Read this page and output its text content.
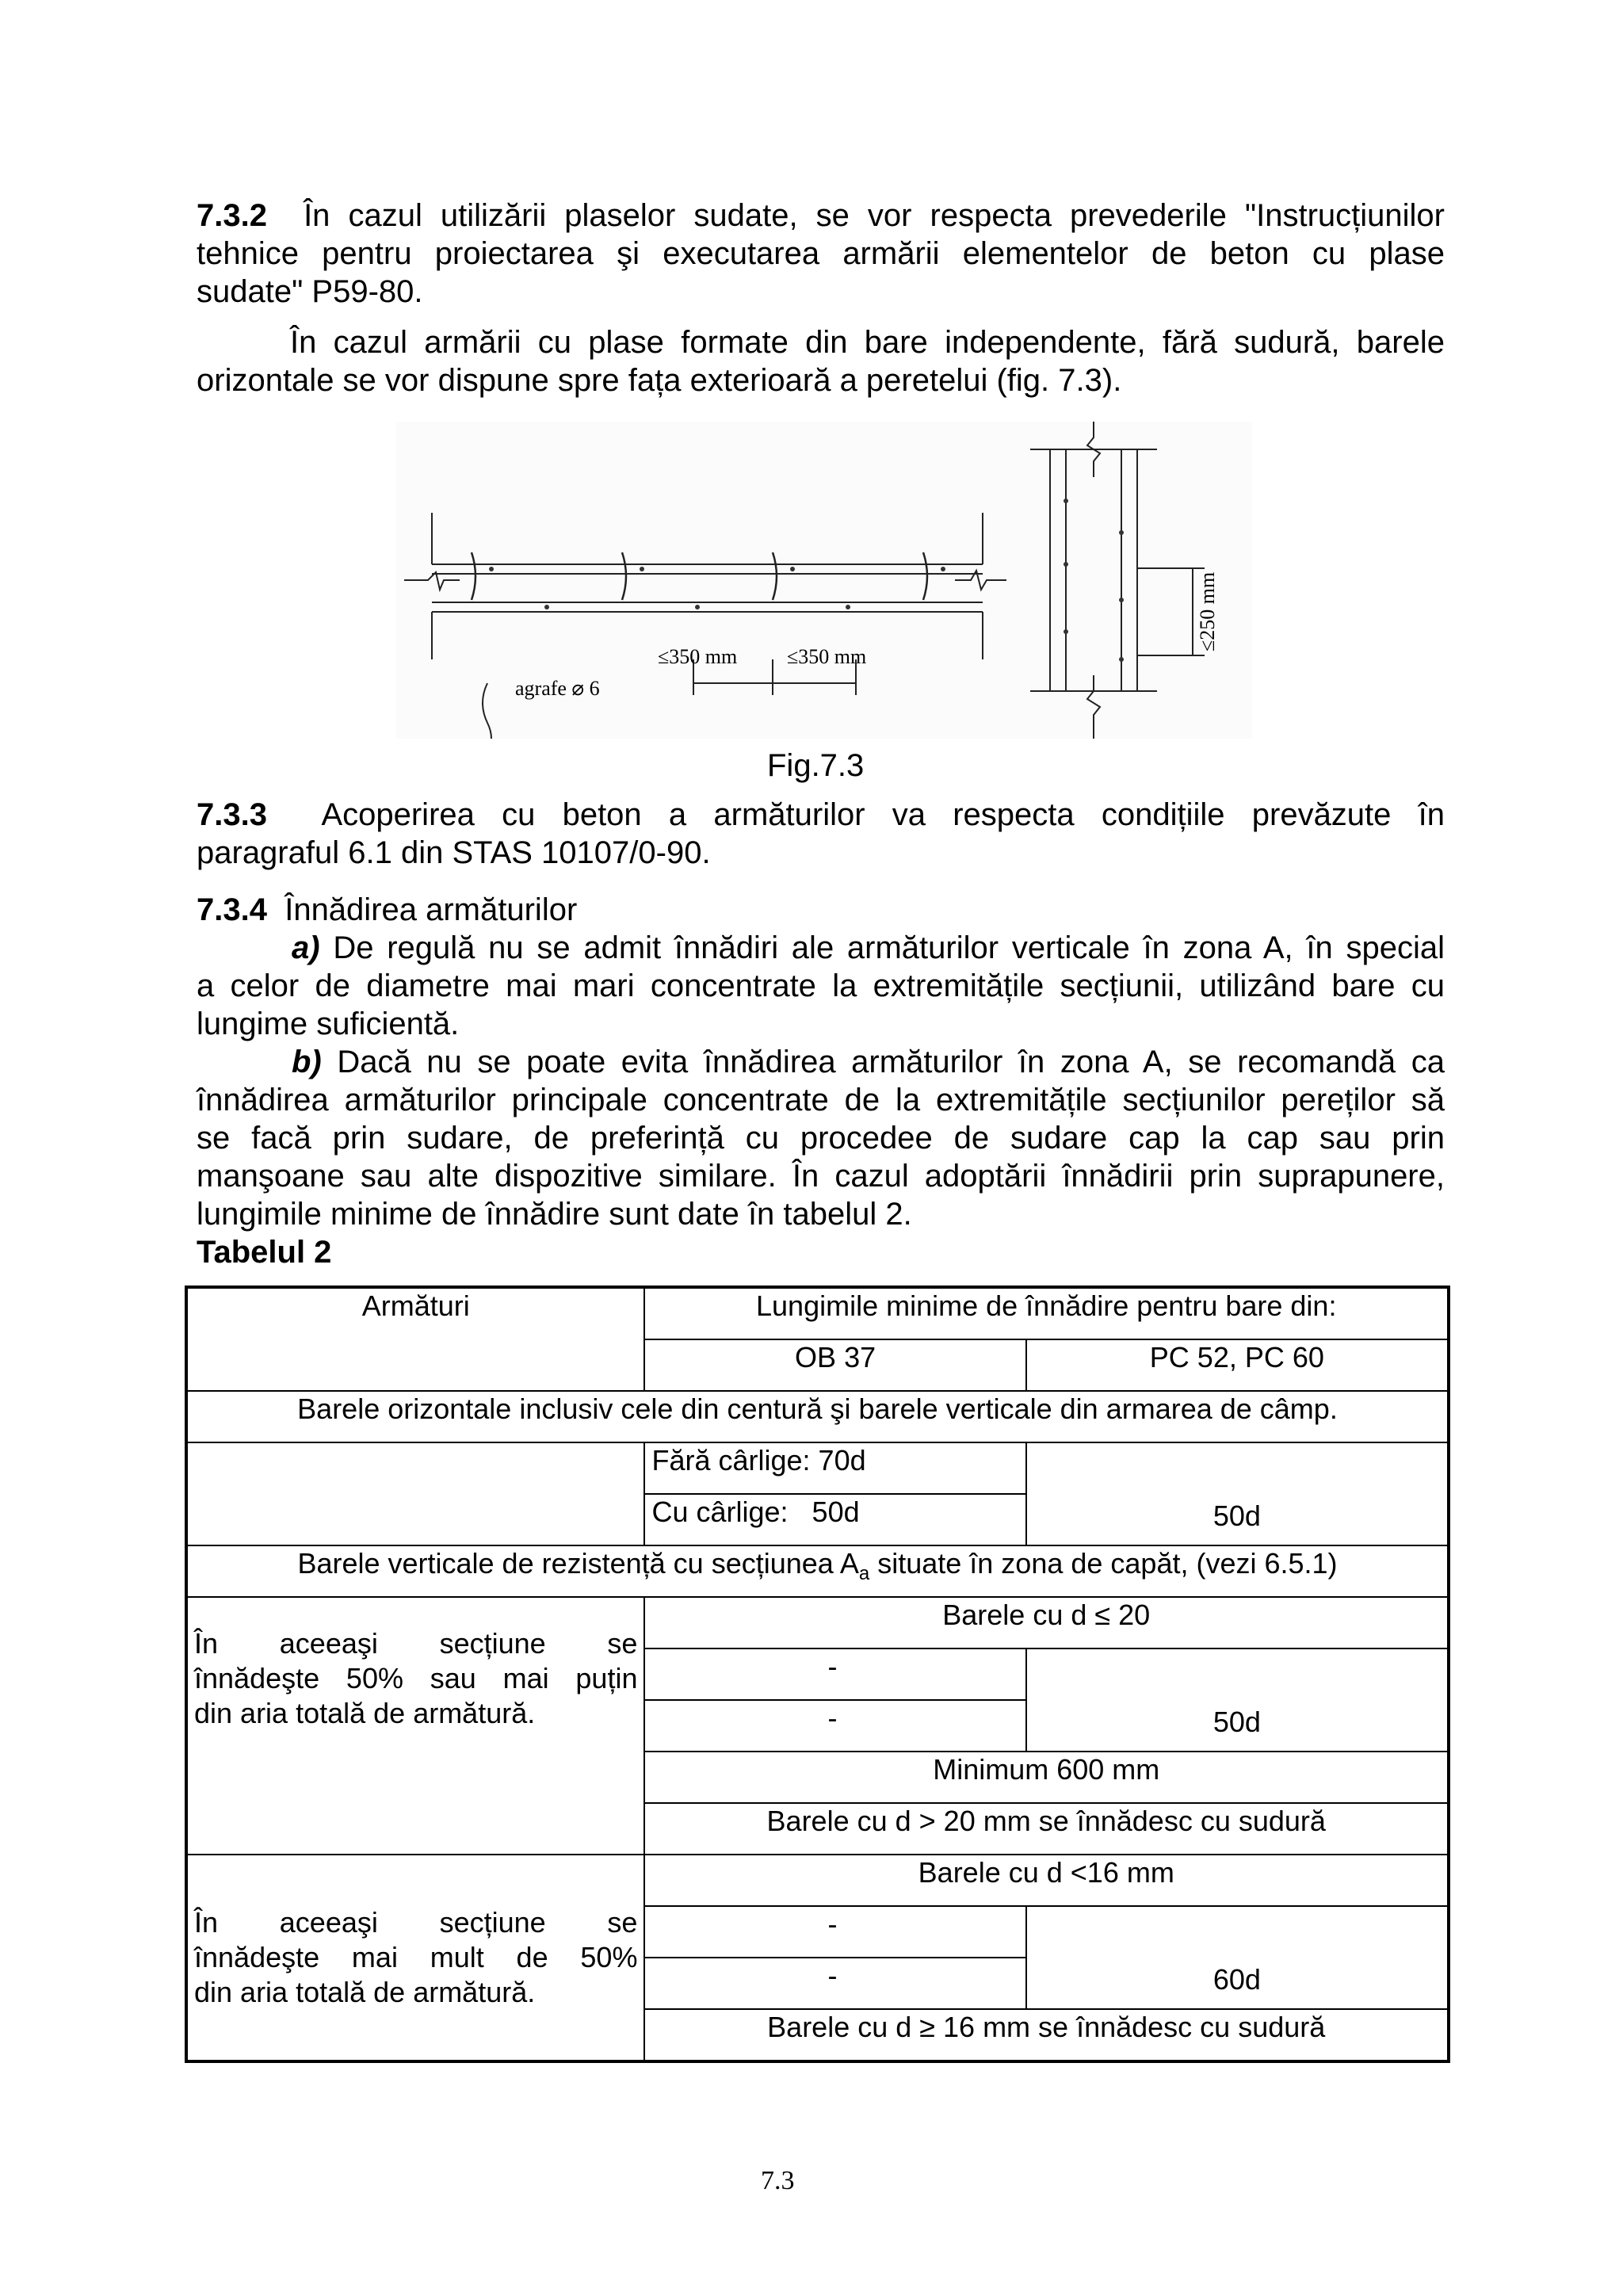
7.3.2 În cazul utilizării plaselor sudate, se vor respecta prevederile "Instrucțiunilor
tehnice pentru proiectarea şi executarea armării elementelor de beton cu plase
sudate" P59-80.
În cazul armării cu plase formate din bare independente, fără sudură, barele
orizontale se vor dispune spre fața exterioară a peretelui (fig. 7.3).
≤350 mm ≤350 mm
agrafe ⌀ 6
≤250 mm
Fig.7.3
7.3.3 Acoperirea cu beton a armăturilor va respecta condițiile prevăzute în
paragraful 6.1 din STAS 10107/0-90.
7.3.4 Înnădirea armăturilor
a) De regulă nu se admit înnădiri ale armăturilor verticale în zona A, în special
a celor de diametre mai mari concentrate la extremitățile secțiunii, utilizând bare cu
lungime suficientă.
b) Dacă nu se poate evita înnădirea armăturilor în zona A, se recomandă ca
înnădirea armăturilor principale concentrate de la extremitățile secțiunilor pereților să
se facă prin sudare, de preferință cu procedee de sudare cap la cap sau prin
manşoane sau alte dispozitive similare. În cazul adoptării înnădirii prin suprapunere,
lungimile minime de înnădire sunt date în tabelul 2.
Tabelul 2
Armături	Lungimile minime de înnădire pentru bare din:	
	OB 37	PC 52, PC 60
Barele orizontale inclusiv cele din centură şi barele verticale din armarea de câmp.		
	Fără cârlige: 70d	50d
	Cu cârlige:   50d	
Barele verticale de rezistență cu secțiunea $A_a$ situate în zona de capăt, (vezi 6.5.1)		

În aceeaşi secțiune se
înnădeşte 50% sau mai puțin
din aria totală de armătură.	Barele cu d ≤ 20	
	-	50d
	-	
	Minimum 600 mm	
	Barele cu d > 20 mm se înnădesc cu sudură	

În aceeaşi secțiune se
înnădeşte mai mult de 50%
din aria totală de armătură.	Barele cu d <16 mm	
	-	60d
	-	
	Barele cu d ≥ 16 mm se înnădesc cu sudură	
7.3
